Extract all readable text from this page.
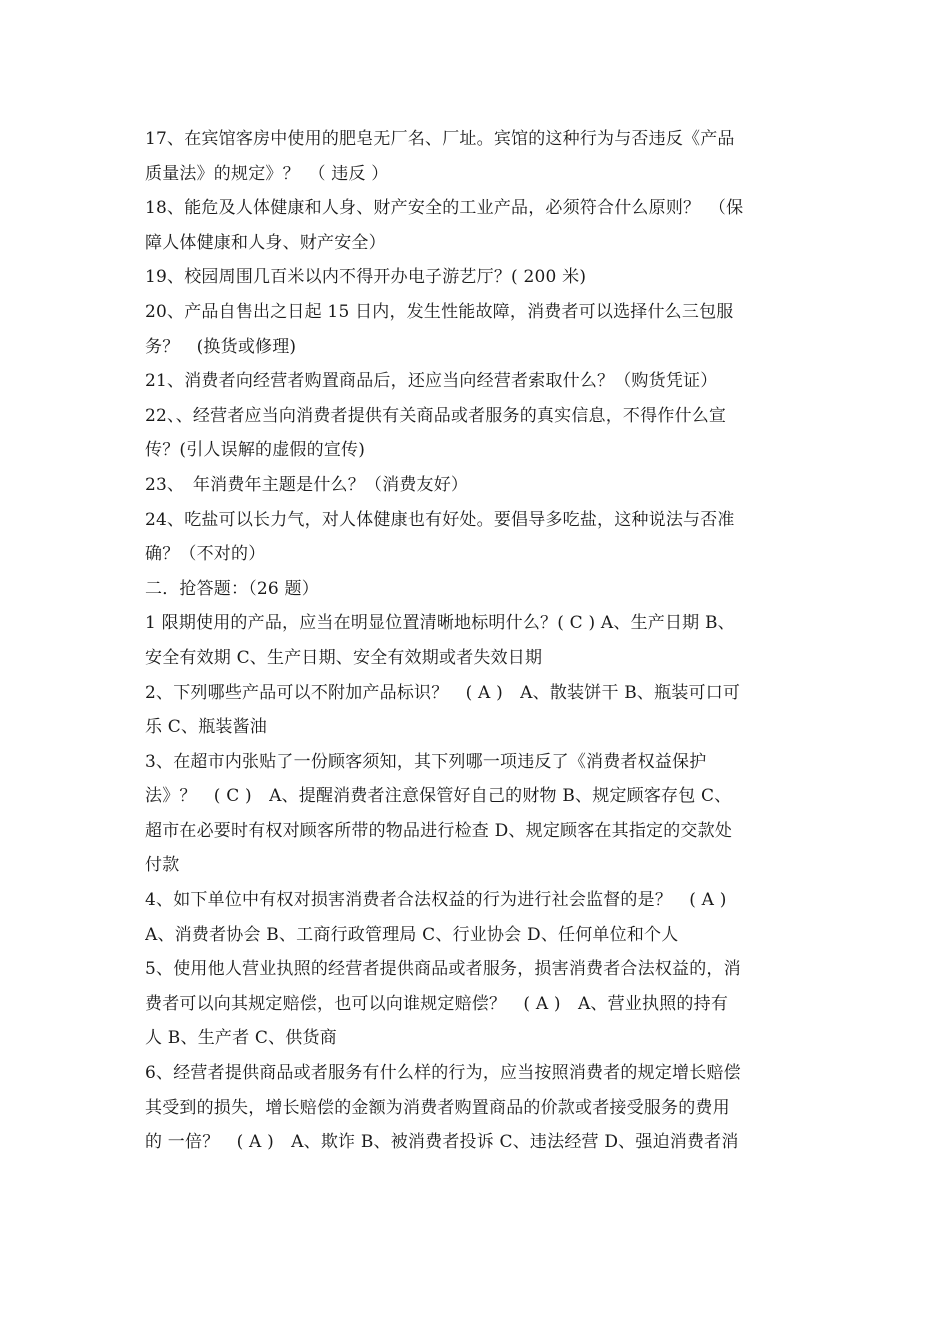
17、在宾馆客房中使用的肥皂无厂名、厂址。宾馆的这种行为与否违反《产品
质量法》的规定》？　（ 违反 ）
18、能危及人体健康和人身、财产安全的工业产品，必须符合什么原则？　（保
障人体健康和人身、财产安全）
19、校园周围几百米以内不得开办电子游艺厅？( 200 米)
20、产品自售出之日起 15 日内，发生性能故障，消费者可以选择什么三包服
务？　(换货或修理)
21、消费者向经营者购置商品后，还应当向经营者索取什么？（购货凭证）
22、、经营者应当向消费者提供有关商品或者服务的真实信息，不得作什么宣
传？(引人误解的虚假的宣传)
23、　年消费年主题是什么？（消费友好）
24、吃盐可以长力气，对人体健康也有好处。要倡导多吃盐，这种说法与否准
确？（不对的）
二．抢答题：（26 题）
1 限期使用的产品，应当在明显位置清晰地标明什么？( C ) A、生产日期 B、
安全有效期 C、生产日期、安全有效期或者失效日期
2、下列哪些产品可以不附加产品标识？　( A )　A、散装饼干 B、瓶装可口可
乐 C、瓶装酱油
3、在超市内张贴了一份顾客须知，其下列哪一项违反了《消费者权益保护
法》？　( C )　A、提醒消费者注意保管好自己的财物 B、规定顾客存包 C、
超市在必要时有权对顾客所带的物品进行检查 D、规定顾客在其指定的交款处
付款
4、如下单位中有权对损害消费者合法权益的行为进行社会监督的是？　( A )
A、消费者协会 B、工商行政管理局 C、行业协会 D、任何单位和个人
5、使用他人营业执照的经营者提供商品或者服务，损害消费者合法权益的，消
费者可以向其规定赔偿，也可以向谁规定赔偿？　( A )　A、营业执照的持有
人 B、生产者 C、供货商
6、经营者提供商品或者服务有什么样的行为，应当按照消费者的规定增长赔偿
其受到的损失，增长赔偿的金额为消费者购置商品的价款或者接受服务的费用
的 一倍？　( A )　A、欺诈 B、被消费者投诉 C、违法经营 D、强迫消费者消
